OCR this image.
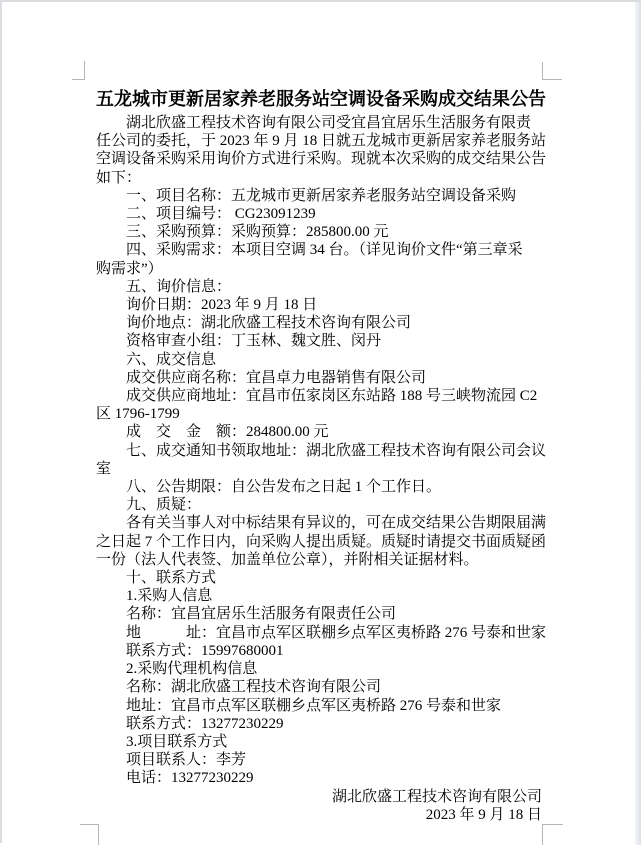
五龙城市更新居家养老服务站空调设备采购成交结果公告
湖北欣盛工程技术咨询有限公司受宜昌宜居乐生活服务有限责
任公司的委托，于 2023 年 9 月 18 日就五龙城市更新居家养老服务站
空调设备采购采用询价方式进行采购。现就本次采购的成交结果公告
如下：
一、项目名称：五龙城市更新居家养老服务站空调设备采购
二、项目编号： CG23091239
三、采购预算：采购预算：285800.00 元
四、采购需求：本项目空调 34 台。（详见询价文件“第三章采
购需求”）
五、询价信息：
询价日期：2023 年 9 月 18 日
询价地点：湖北欣盛工程技术咨询有限公司
资格审查小组：丁玉林、魏文胜、闵丹
六、成交信息
成交供应商名称：宜昌卓力电器销售有限公司
成交供应商地址：宜昌市伍家岗区东站路 188 号三峡物流园 C2
区 1796-1799
成　交　金　额：284800.00 元
七、成交通知书领取地址：湖北欣盛工程技术咨询有限公司会议
室
八、公告期限：自公告发布之日起 1 个工作日。
九、质疑：
各有关当事人对中标结果有异议的，可在成交结果公告期限届满
之日起 7 个工作日内，向采购人提出质疑。质疑时请提交书面质疑函
一份（法人代表签、加盖单位公章），并附相关证据材料。
十、联系方式
1.采购人信息
名称：宜昌宜居乐生活服务有限责任公司
地　　　址：宜昌市点军区联棚乡点军区夷桥路 276 号泰和世家
联系方式：15997680001
2.采购代理机构信息
名称：湖北欣盛工程技术咨询有限公司
地址：宜昌市点军区联棚乡点军区夷桥路 276 号泰和世家
联系方式：13277230229
3.项目联系方式
项目联系人：李芳
电话：13277230229
湖北欣盛工程技术咨询有限公司
2023 年 9 月 18 日
